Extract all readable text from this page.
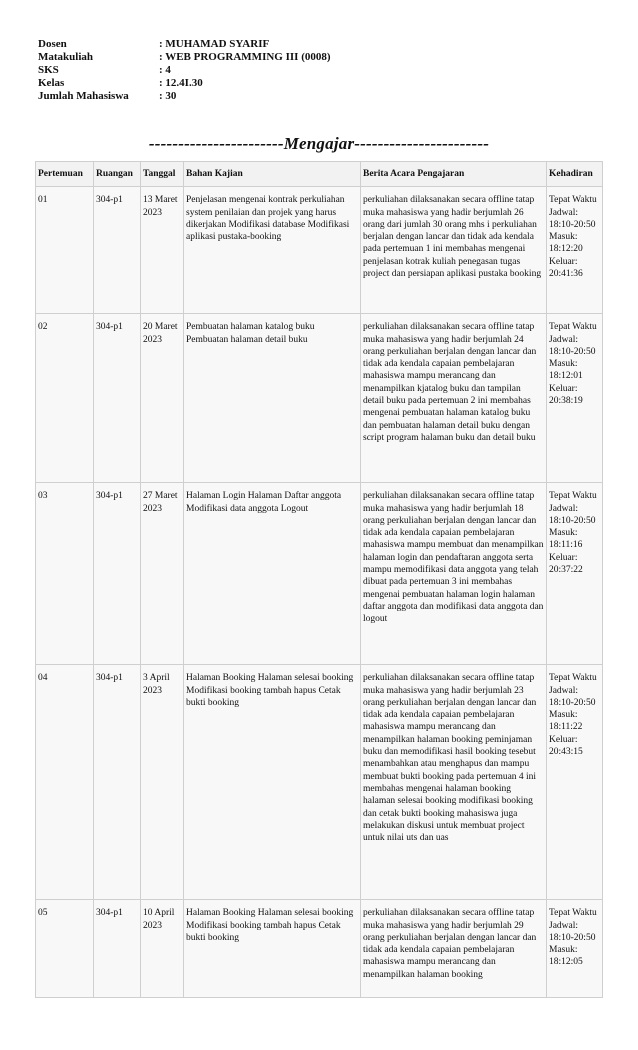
Dosen	: MUHAMAD SYARIF
Matakuliah	: WEB PROGRAMMING III (0008)
SKS	: 4
Kelas	: 12.4I.30
Jumlah Mahasiswa	: 30
-----------------------Mengajar-----------------------
Pertemuan	Ruangan	Tanggal	Bahan Kajian	Berita Acara Pengajaran	Kehadiran
01	304-p1	13 Maret 2023	Penjelasan mengenai kontrak perkuliahan system penilaian dan projek yang harus dikerjakan Modifikasi database Modifikasi aplikasi pustaka-booking	perkuliahan dilaksanakan secara offline tatap muka mahasiswa yang hadir berjumlah 26 orang dari jumlah 30 orang mhs i perkuliahan berjalan dengan lancar dan tidak ada kendala pada pertemuan 1 ini membahas mengenai penjelasan kotrak kuliah penegasan tugas project dan persiapan aplikasi pustaka booking	Tepat Waktu Jadwal: 18:10-20:50 Masuk: 18:12:20 Keluar: 20:41:36
02	304-p1	20 Maret 2023	Pembuatan halaman katalog buku Pembuatan halaman detail buku	perkuliahan dilaksanakan secara offline tatap muka mahasiswa yang hadir berjumlah 24 orang perkuliahan berjalan dengan lancar dan tidak ada kendala capaian pembelajaran mahasiswa mampu merancang dan menampilkan kjatalog buku dan tampilan detail buku pada pertemuan 2 ini membahas mengenai pembuatan halaman katalog buku dan pembuatan halaman detail buku dengan script program halaman buku dan detail buku	Tepat Waktu Jadwal: 18:10-20:50 Masuk: 18:12:01 Keluar: 20:38:19
03	304-p1	27 Maret 2023	Halaman Login Halaman Daftar anggota Modifikasi data anggota Logout	perkuliahan dilaksanakan secara offline tatap muka mahasiswa yang hadir berjumlah 18 orang perkuliahan berjalan dengan lancar dan tidak ada kendala capaian pembelajaran mahasiswa mampu membuat dan menampilkan halaman login dan pendaftaran anggota serta mampu memodifikasi data anggota yang telah dibuat pada pertemuan 3 ini membahas mengenai pembuatan halaman login halaman daftar anggota dan modifikasi data anggota dan logout	Tepat Waktu Jadwal: 18:10-20:50 Masuk: 18:11:16 Keluar: 20:37:22
04	304-p1	3 April 2023	Halaman Booking Halaman selesai booking Modifikasi booking tambah hapus Cetak bukti booking	perkuliahan dilaksanakan secara offline tatap muka mahasiswa yang hadir berjumlah 23 orang perkuliahan berjalan dengan lancar dan tidak ada kendala capaian pembelajaran mahasiswa mampu merancang dan menampilkan halaman booking peminjaman buku dan memodifikasi hasil booking tesebut menambahkan atau menghapus dan mampu membuat bukti booking pada pertemuan 4 ini membahas mengenai halaman booking halaman selesai booking modifikasi booking dan cetak bukti booking mahasiswa juga melakukan diskusi untuk membuat project untuk nilai uts dan uas	Tepat Waktu Jadwal: 18:10-20:50 Masuk: 18:11:22 Keluar: 20:43:15
05	304-p1	10 April 2023	Halaman Booking Halaman selesai booking Modifikasi booking tambah hapus Cetak bukti booking	perkuliahan dilaksanakan secara offline tatap muka mahasiswa yang hadir berjumlah 29 orang perkuliahan berjalan dengan lancar dan tidak ada kendala capaian pembelajaran mahasiswa mampu merancang dan menampilkan halaman booking	Tepat Waktu Jadwal: 18:10-20:50 Masuk: 18:12:05
